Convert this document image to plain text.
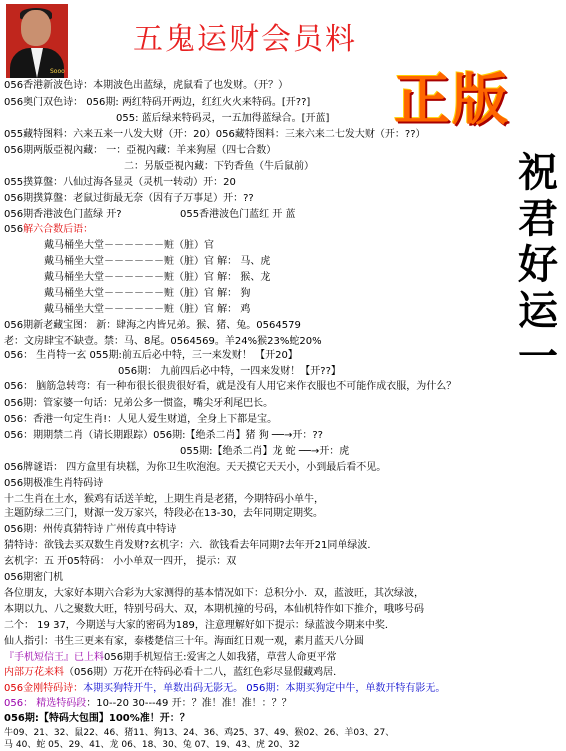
Sooo
五鬼运财会员料
正版
祝
君
好
运
一
056香港新波色诗：本期波色出蓝绿，虎鼠看了也发财。（开？）
056奥门双色诗： 056期: 两红特码开两边，红红火火来特码。[开??]
055: 蓝后绿来特码灵，一五加得蓝绿合。[开蓝]
055藏特图料：六来五来一八发大财（开：20）056藏特图料：三来六来二七发大财（开：??）
056期两版亞視內藏： 一：亞視內藏：羊来狗屋（四七合数）
二：另版亞視內藏：下钓香鱼（牛后鼠前）
055撲算盤：八仙过海各显灵（灵机一转动）开：20
056期撲算盤：老鼠过街最无奈（因有子万事足）开：??
056期香港波色门蓝绿 开?	055香港波色门蓝红 开 蓝
056解六合数后语：
戴马桶坐大堂－－－－－－赃（脏）官
戴马桶坐大堂－－－－－－赃（脏）官 解： 马、虎
戴马桶坐大堂－－－－－－赃（脏）官 解： 猴、龙
戴马桶坐大堂－－－－－－赃（脏）官 解： 狗
戴马桶坐大堂－－－－－－赃（脏）官 解： 鸡
056期新老藏宝图： 新：肆海之内皆兄弟。猴、猪、兔。0564579
老：文房肆宝不缺壹。禁：马、8尾。0564569。羊24%猴23%蛇20%
056： 生肖特一玄 055期:前五后必中特，三一来发财！ 【开20】
056期： 九前四后必中特，一四来发财！【开??】
056： 脑筋急转弯：有一种布很长很贵很好看，就是没有人用它来作衣服也不可能作成衣服，为什么？
056期：管家婆一句话：兄弟公多一惯盗，嘴尖牙利尾巴长。
056：香港一句定生肖!：人见人爱生财道，全身上下都是宝。
056：期期禁二肖（请长期跟踪）056期:【绝杀二肖】猪 狗 ──→开：??
055期:【绝杀二肖】龙 蛇 ──→开：虎
056牌谜语： 四方盒里有块糕，为你卫生吹泡泡。天天摸它天天小，小到最后看不见。
056期极准生肖特码诗
十二生肖在土水，猴鸡有话送羊蛇，上期生肖是老猪，今期特码小单牛，
主题防绿二三门，财源一发万家兴，特段必在13-30，去年同期定期奖。
056期：州传真猜特诗 广州传真中特诗
猜特诗：欲钱去买双数生肖发财?玄机字：六．欲钱看去年同期?去年开21同单绿波．
玄机字：五 开05特码： 小小单双一四开， 提示：双
056期密门机
各位朋友，大家好本期六合彩为大家测得的基本情况如下：总积分小．双，蓝波旺，其次绿波，
本期以九、八之聚数大旺，特别号码大、双，本期机撞的号码，本仙机特作如下推介，哦哆号码
二个： 19 37，今期送与大家的密码为189，注意理解好如下提示：绿蓝波今期来中奖．
仙人指引：书生三更来有家，泰楼楚信三十年。海面红日观一观，素月蓝天八分圆
『手机短信王』已上料056期手机短信王:爱害之人如我猪，草营人命更平常
内部万花来料（056期）万花开在特码必看十二八，蓝红色彩尽显假藏鸡居．
056金刚特码诗：本期买狗特开牛，单数出码无影无。 056期：本期买狗定中牛，单数开特有影无。
056： 精选特码段：10--20 30---49 开：？准！准！准！：？？
056期:【特码大包围】100%准！开：？
牛09、21、32、鼠22、46、猪11、狗13、24、36、鸡25、37、49、猴02、26、羊03、27、
马 40、蛇 05、29、41、龙 06、18、30、兔 07、19、43、虎 20、32
